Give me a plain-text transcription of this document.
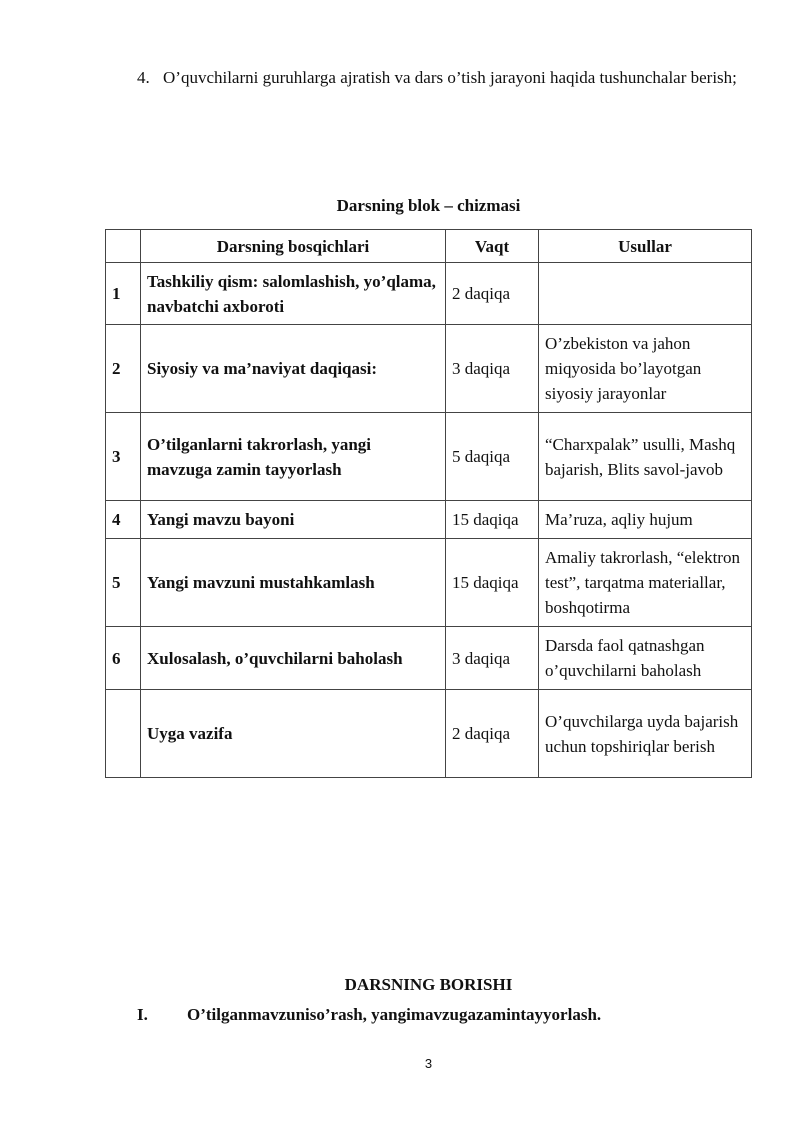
4. O’quvchilarni guruhlarga ajratish va dars o’tish jarayoni haqida tushunchalar berish;
Darsning blok – chizmasi
	Darsning bosqichlari	Vaqt	Usullar
1	Tashkiliy qism: salomlashish, yo’qlama, navbatchi axboroti	2 daqiqa	
2	Siyosiy va ma’naviyat daqiqasi:	3 daqiqa	O’zbekiston va jahon miqyosida bo’layotgan siyosiy jarayonlar
3	O’tilganlarni takrorlash, yangi mavzuga zamin tayyorlash	5 daqiqa	“Charxpalak” usulli, Mashq bajarish, Blits savol-javob
4	Yangi mavzu bayoni	15 daqiqa	Ma’ruza, aqliy hujum
5	Yangi mavzuni mustahkamlash	15 daqiqa	Amaliy takrorlash, “elektron test”, tarqatma materiallar, boshqotirma
6	Xulosalash, o’quvchilarni baholash	3 daqiqa	Darsda faol qatnashgan o’quvchilarni baholash
	Uyga vazifa	2 daqiqa	O’quvchilarga uyda bajarish uchun topshiriqlar berish
DARSNING BORISHI
I. O’tilganmavzuniso’rash, yangimavzugazamintayyorlash.
3
